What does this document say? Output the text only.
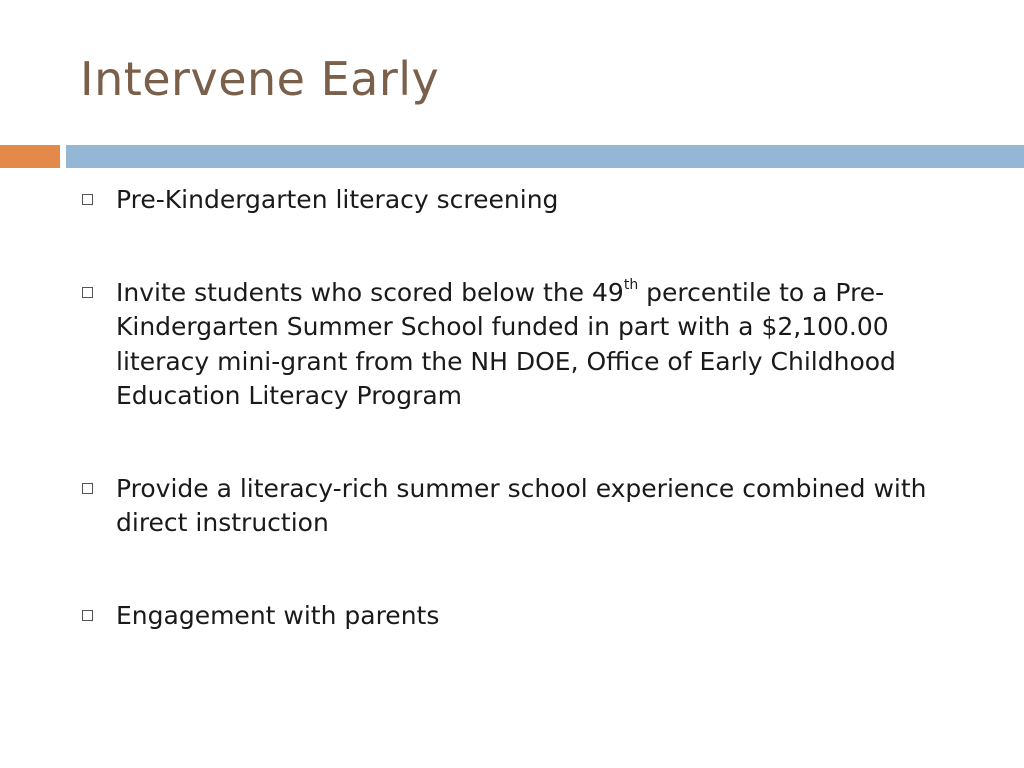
Intervene Early
Pre-Kindergarten literacy screening
Invite students who scored below the 49th percentile to a Pre-Kindergarten Summer School funded in part with a $2,100.00 literacy mini-grant from the NH DOE, Office of Early Childhood Education Literacy Program
Provide a literacy-rich summer school experience combined with direct instruction
Engagement with parents
